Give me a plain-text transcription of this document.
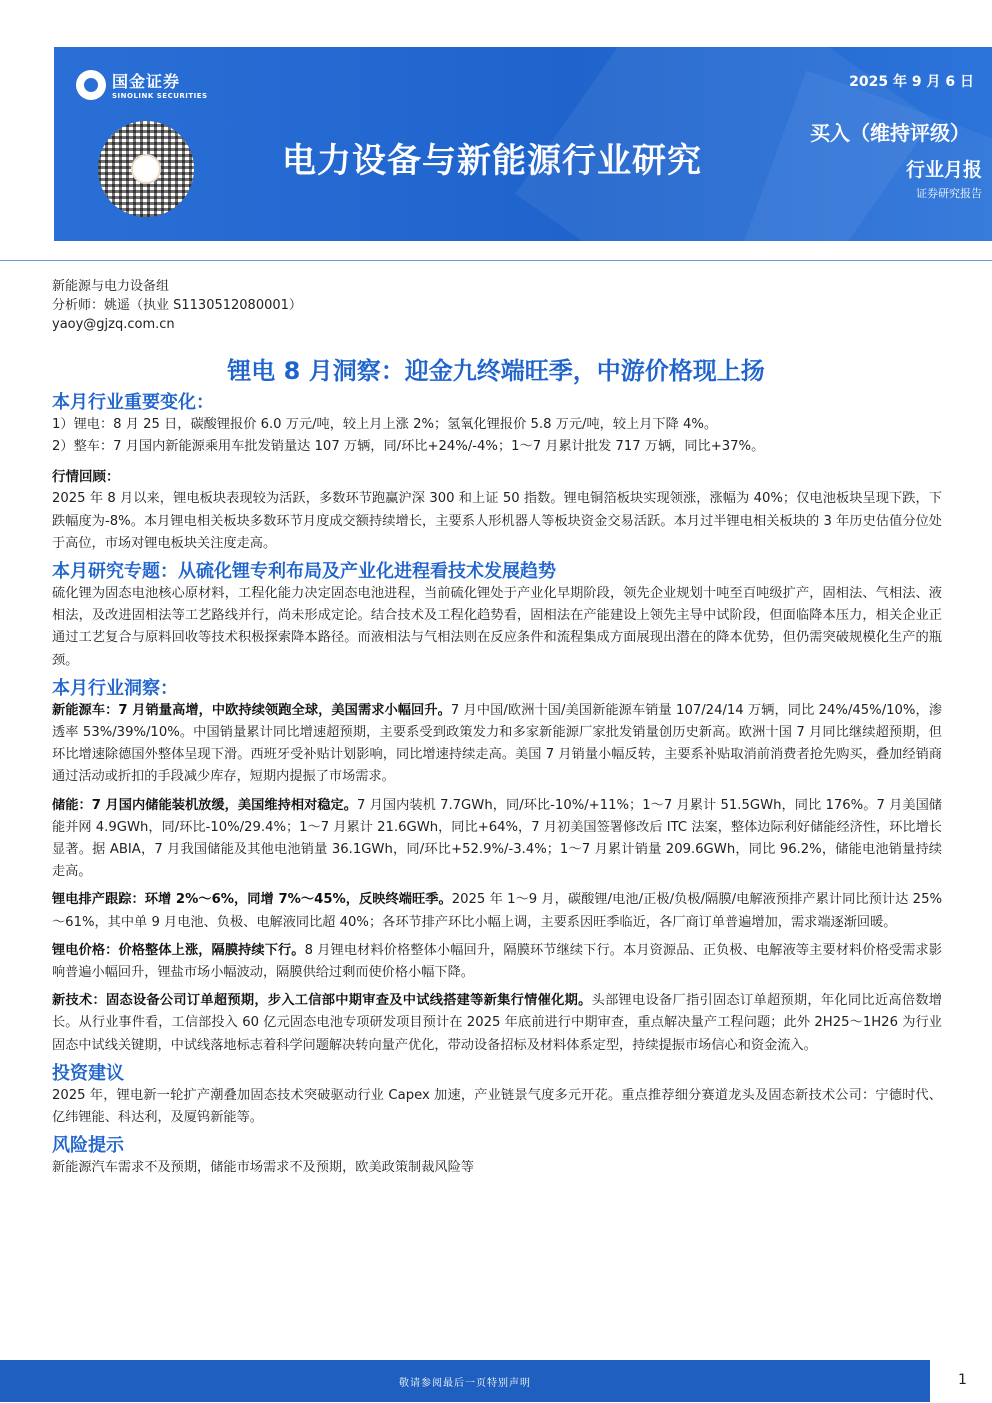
国金证券
SINOLINK SECURITIES
电力设备与新能源行业研究
2025 年 9 月 6 日
买入（维持评级）
行业月报
证券研究报告
新能源与电力设备组
分析师：姚遥（执业 S1130512080001）
yaoy@gjzq.com.cn
锂电 8 月洞察：迎金九终端旺季，中游价格现上扬
本月行业重要变化：
1）锂电：8 月 25 日，碳酸锂报价 6.0 万元/吨，较上月上涨 2%；氢氧化锂报价 5.8 万元/吨，较上月下降 4%。
2）整车：7 月国内新能源乘用车批发销量达 107 万辆，同/环比+24%/-4%；1～7 月累计批发 717 万辆，同比+37%。
行情回顾：
2025 年 8 月以来，锂电板块表现较为活跃，多数环节跑赢沪深 300 和上证 50 指数。锂电铜箔板块实现领涨，涨幅为 40%；仅电池板块呈现下跌，下跌幅度为-8%。本月锂电相关板块多数环节月度成交额持续增长，主要系人形机器人等板块资金交易活跃。本月过半锂电相关板块的 3 年历史估值分位处于高位，市场对锂电板块关注度走高。
本月研究专题：从硫化锂专利布局及产业化进程看技术发展趋势
硫化锂为固态电池核心原材料，工程化能力决定固态电池进程，当前硫化锂处于产业化早期阶段，领先企业规划十吨至百吨级扩产，固相法、气相法、液相法，及改进固相法等工艺路线并行，尚未形成定论。结合技术及工程化趋势看，固相法在产能建设上领先主导中试阶段，但面临降本压力，相关企业正通过工艺复合与原料回收等技术积极探索降本路径。而液相法与气相法则在反应条件和流程集成方面展现出潜在的降本优势，但仍需突破规模化生产的瓶颈。
本月行业洞察：
新能源车：7 月销量高增，中欧持续领跑全球，美国需求小幅回升。7 月中国/欧洲十国/美国新能源车销量 107/24/14 万辆，同比 24%/45%/10%，渗透率 53%/39%/10%。中国销量累计同比增速超预期，主要系受到政策发力和多家新能源厂家批发销量创历史新高。欧洲十国 7 月同比继续超预期，但环比增速除德国外整体呈现下滑。西班牙受补贴计划影响，同比增速持续走高。美国 7 月销量小幅反转，主要系补贴取消前消费者抢先购买，叠加经销商通过活动或折扣的手段减少库存，短期内提振了市场需求。
储能：7 月国内储能装机放缓，美国维持相对稳定。7 月国内装机 7.7GWh，同/环比-10%/+11%；1～7 月累计 51.5GWh，同比 176%。7 月美国储能并网 4.9GWh，同/环比-10%/29.4%；1～7 月累计 21.6GWh，同比+64%，7 月初美国签署修改后 ITC 法案，整体边际利好储能经济性，环比增长显著。据 ABIA，7 月我国储能及其他电池销量 36.1GWh，同/环比+52.9%/-3.4%；1～7 月累计销量 209.6GWh，同比 96.2%，储能电池销量持续走高。
锂电排产跟踪：环增 2%～6%，同增 7%～45%，反映终端旺季。2025 年 1～9 月，碳酸锂/电池/正极/负极/隔膜/电解液预排产累计同比预计达 25%～61%，其中单 9 月电池、负极、电解液同比超 40%；各环节排产环比小幅上调，主要系因旺季临近，各厂商订单普遍增加，需求端逐渐回暖。
锂电价格：价格整体上涨，隔膜持续下行。8 月锂电材料价格整体小幅回升，隔膜环节继续下行。本月资源品、正负极、电解液等主要材料价格受需求影响普遍小幅回升，锂盐市场小幅波动，隔膜供给过剩而使价格小幅下降。
新技术：固态设备公司订单超预期，步入工信部中期审查及中试线搭建等新集行情催化期。头部锂电设备厂指引固态订单超预期，年化同比近高倍数增长。从行业事件看，工信部投入 60 亿元固态电池专项研发项目预计在 2025 年底前进行中期审查，重点解决量产工程问题；此外 2H25～1H26 为行业固态中试线关键期，中试线落地标志着科学问题解决转向量产优化，带动设备招标及材料体系定型，持续提振市场信心和资金流入。
投资建议
2025 年，锂电新一轮扩产潮叠加固态技术突破驱动行业 Capex 加速，产业链景气度多元开花。重点推荐细分赛道龙头及固态新技术公司：宁德时代、亿纬锂能、科达利，及厦钨新能等。
风险提示
新能源汽车需求不及预期，储能市场需求不及预期，欧美政策制裁风险等
敬请参阅最后一页特别声明	1
